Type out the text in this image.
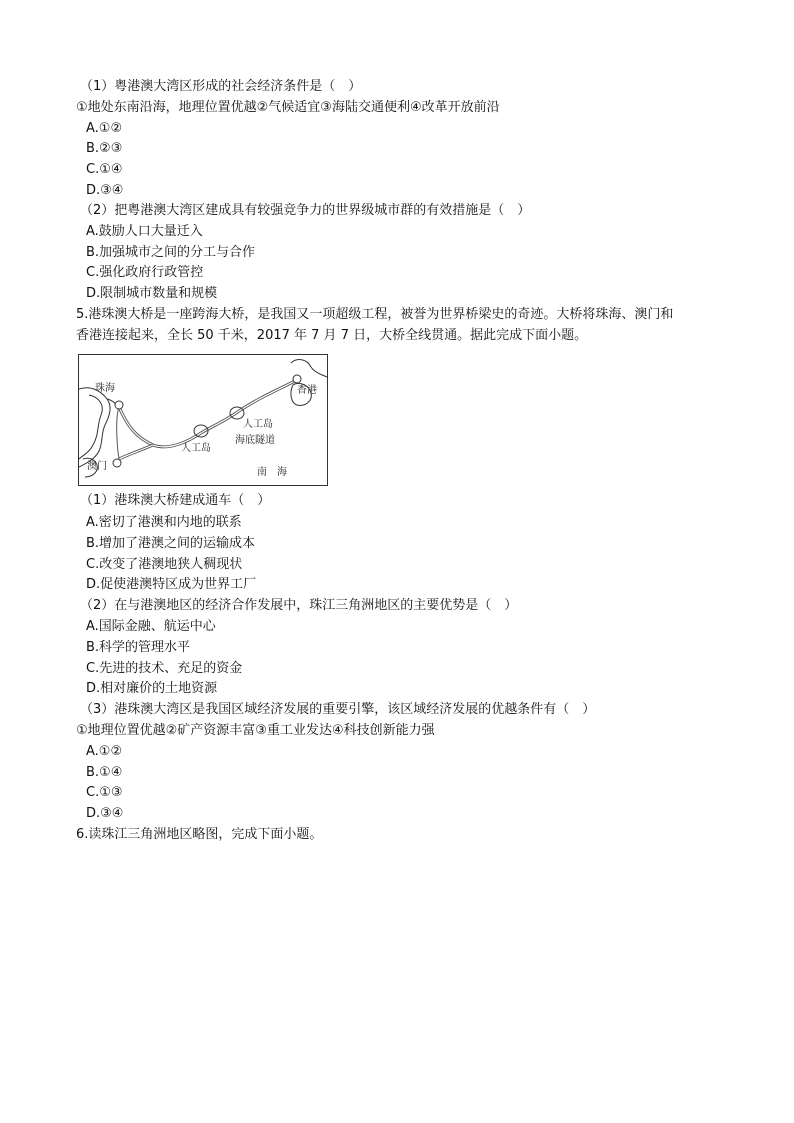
（1）粤港澳大湾区形成的社会经济条件是（　）
①地处东南沿海，地理位置优越②气候适宜③海陆交通便利④改革开放前沿
A.①②
B.②③
C.①④
D.③④
（2）把粤港澳大湾区建成具有较强竞争力的世界级城市群的有效措施是（　）
A.鼓励人口大量迁入
B.加强城市之间的分工与合作
C.强化政府行政管控
D.限制城市数量和规模
5.港珠澳大桥是一座跨海大桥，是我国又一项超级工程，被誉为世界桥梁史的奇迹。大桥将珠海、澳门和
香港连接起来，全长 50 千米，2017 年 7 月 7 日，大桥全线贯通。据此完成下面小题。
珠海	香港
澳门
人工岛
人工岛
海底隧道
南　海
（1）港珠澳大桥建成通车（　）
A.密切了港澳和内地的联系
B.增加了港澳之间的运输成本
C.改变了港澳地狭人稠现状
D.促使港澳特区成为世界工厂
（2）在与港澳地区的经济合作发展中，珠江三角洲地区的主要优势是（　）
A.国际金融、航运中心
B.科学的管理水平
C.先进的技术、充足的资金
D.相对廉价的土地资源
（3）港珠澳大湾区是我国区域经济发展的重要引擎，该区域经济发展的优越条件有（　）
①地理位置优越②矿产资源丰富③重工业发达④科技创新能力强
A.①②
B.①④
C.①③
D.③④
6.读珠江三角洲地区略图，完成下面小题。
